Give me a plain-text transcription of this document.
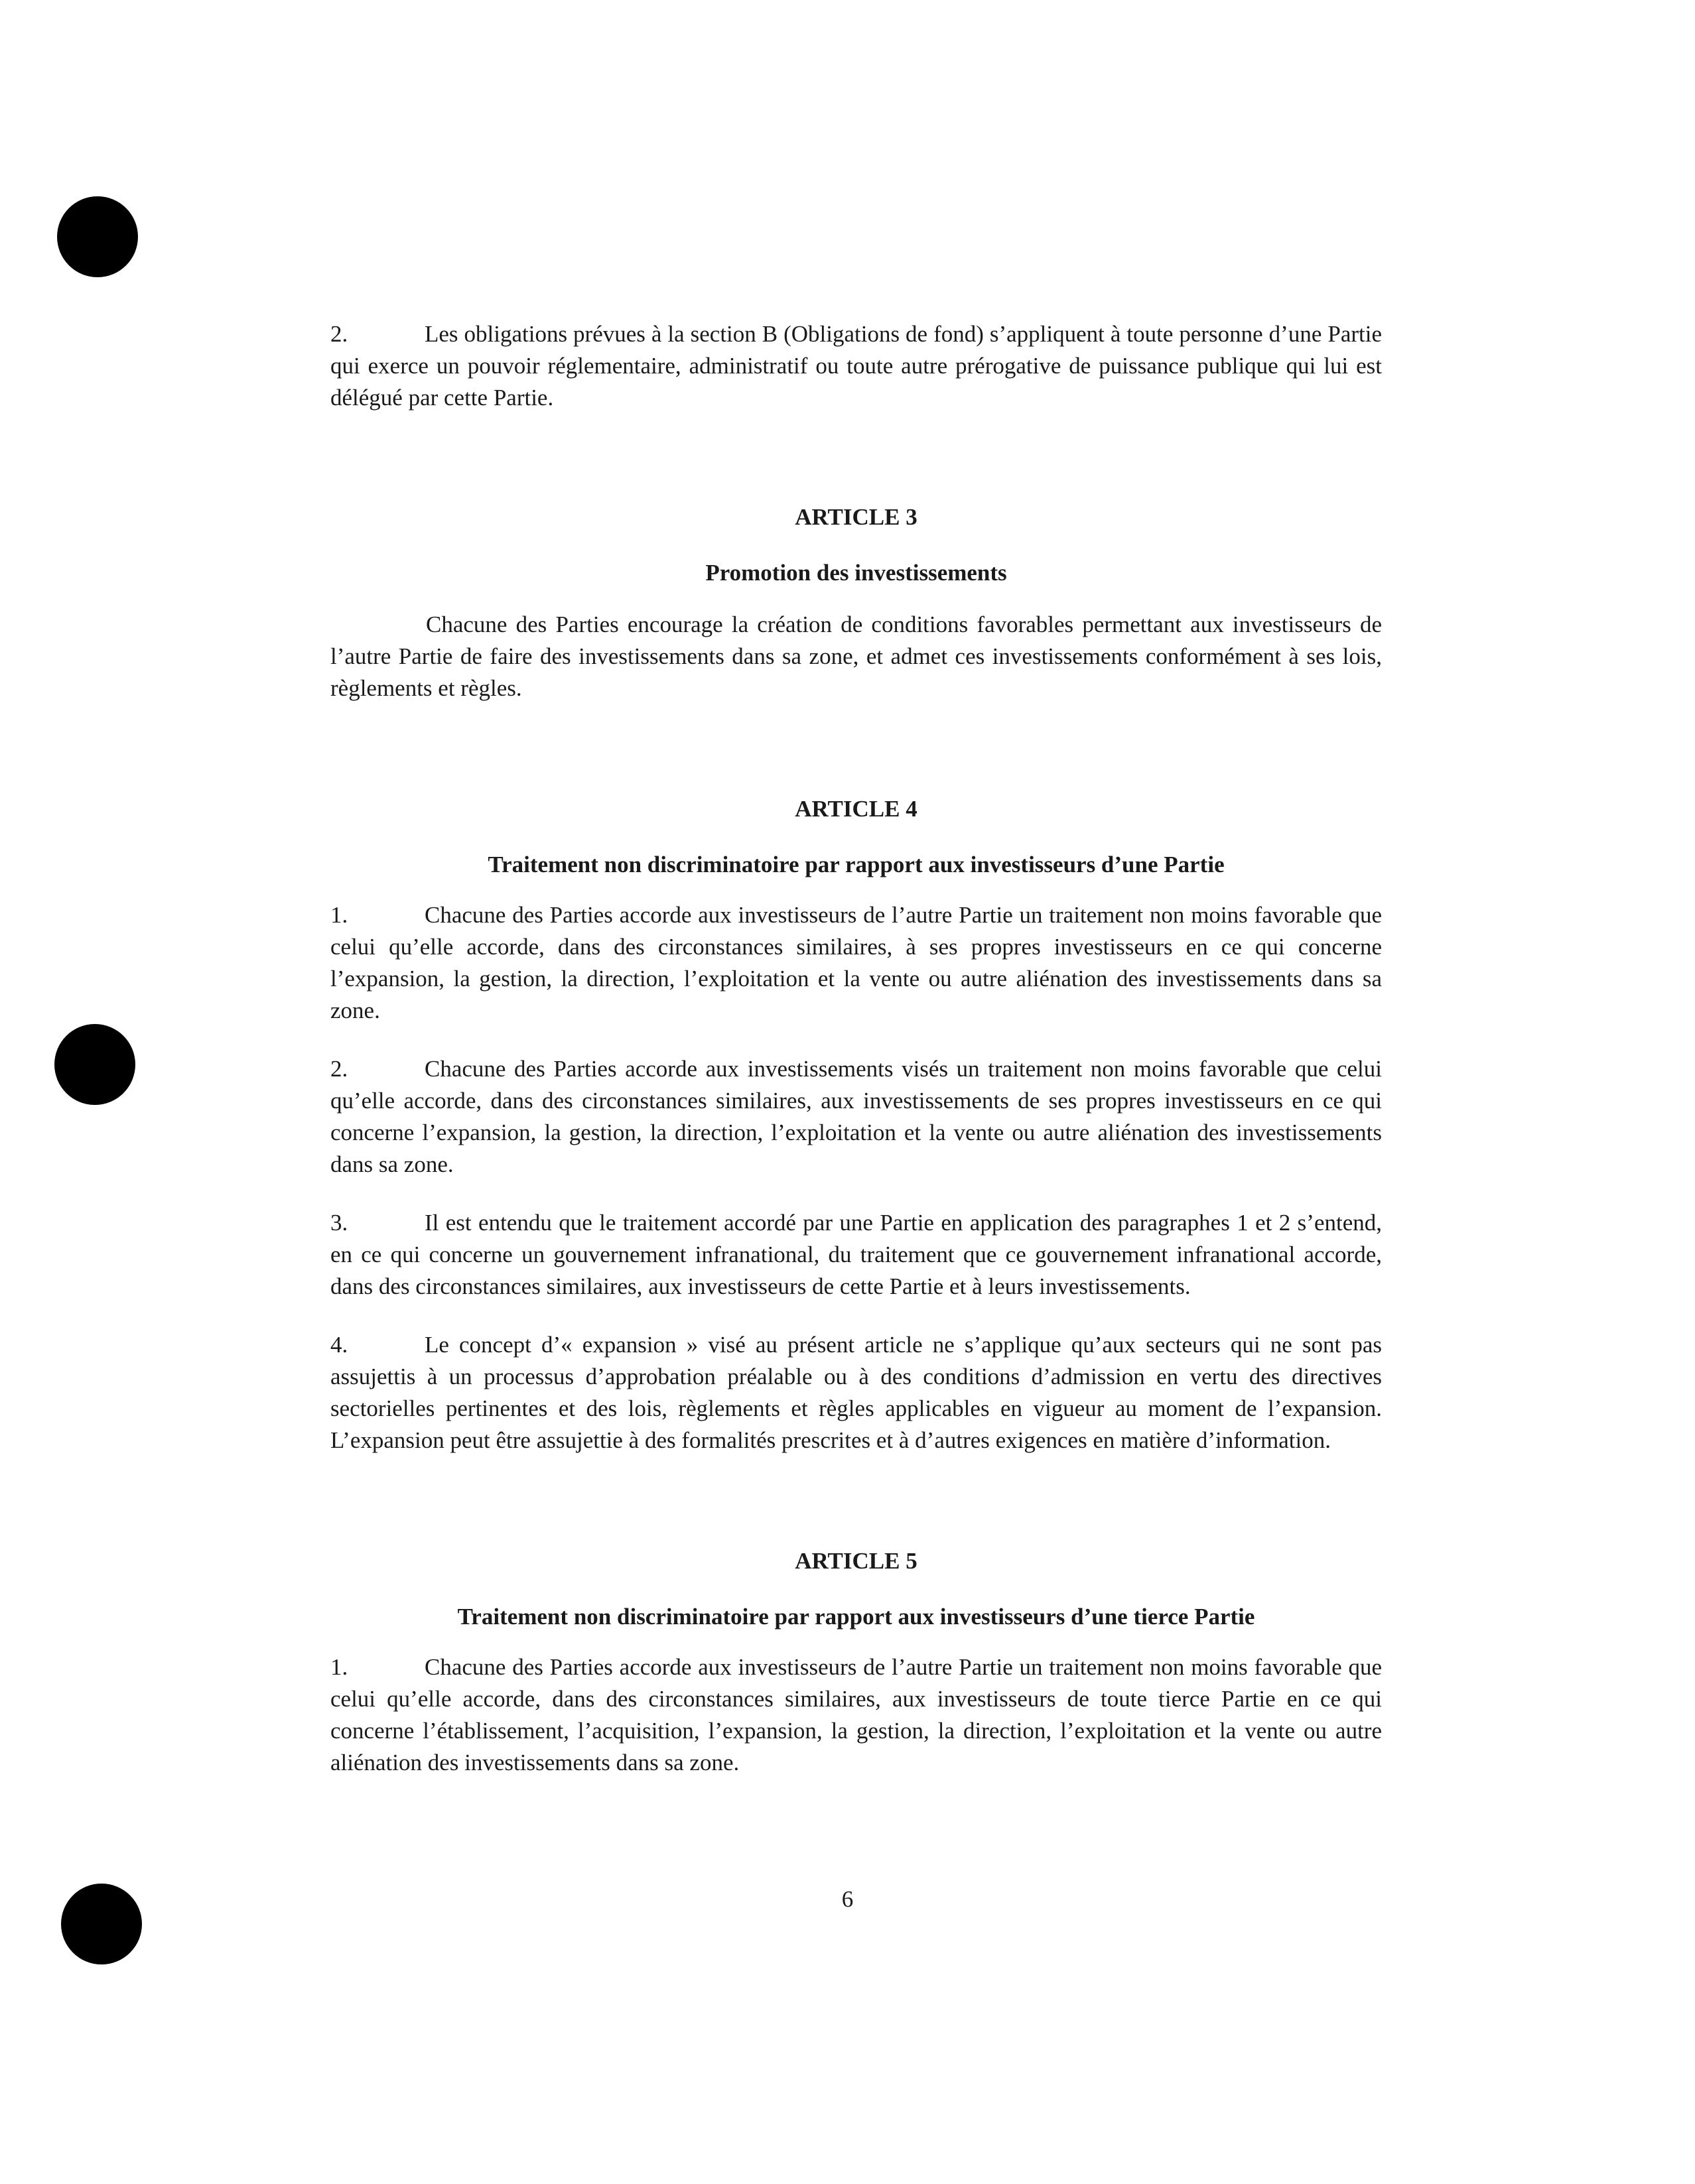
2.	Les obligations prévues à la section B (Obligations de fond) s’appliquent à toute personne d’une Partie qui exerce un pouvoir réglementaire, administratif ou toute autre prérogative de puissance publique qui lui est délégué par cette Partie.

ARTICLE 3

Promotion des investissements

Chacune des Parties encourage la création de conditions favorables permettant aux investisseurs de l’autre Partie de faire des investissements dans sa zone, et admet ces investissements conformément à ses lois, règlements et règles.

ARTICLE 4

Traitement non discriminatoire par rapport aux investisseurs d’une Partie

1.	Chacune des Parties accorde aux investisseurs de l’autre Partie un traitement non moins favorable que celui qu’elle accorde, dans des circonstances similaires, à ses propres investisseurs en ce qui concerne l’expansion, la gestion, la direction, l’exploitation et la vente ou autre aliénation des investissements dans sa zone.

2.	Chacune des Parties accorde aux investissements visés un traitement non moins favorable que celui qu’elle accorde, dans des circonstances similaires, aux investissements de ses propres investisseurs en ce qui concerne l’expansion, la gestion, la direction, l’exploitation et la vente ou autre aliénation des investissements dans sa zone.

3.	Il est entendu que le traitement accordé par une Partie en application des paragraphes 1 et 2 s’entend, en ce qui concerne un gouvernement infranational, du traitement que ce gouvernement infranational accorde, dans des circonstances similaires, aux investisseurs de cette Partie et à leurs investissements.

4.	Le concept d’« expansion » visé au présent article ne s’applique qu’aux secteurs qui ne sont pas assujettis à un processus d’approbation préalable ou à des conditions d’admission en vertu des directives sectorielles pertinentes et des lois, règlements et règles applicables en vigueur au moment de l’expansion. L’expansion peut être assujettie à des formalités prescrites et à d’autres exigences en matière d’information.

ARTICLE 5

Traitement non discriminatoire par rapport aux investisseurs d’une tierce Partie

1.	Chacune des Parties accorde aux investisseurs de l’autre Partie un traitement non moins favorable que celui qu’elle accorde, dans des circonstances similaires, aux investisseurs de toute tierce Partie en ce qui concerne l’établissement, l’acquisition, l’expansion, la gestion, la direction, l’exploitation et la vente ou autre aliénation des investissements dans sa zone.

6
